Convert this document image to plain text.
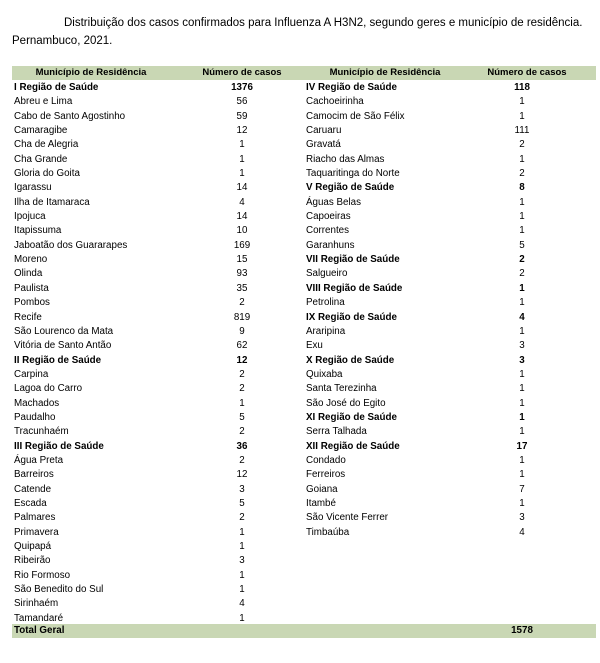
Distribuição dos casos confirmados para Influenza A H3N2, segundo geres e município de residência.
Pernambuco, 2021.
Município de Residência	Número de casos	Município de Residência	Número de casos
I Região de Saúde	1376
Abreu e Lima	56
Cabo de Santo Agostinho	59
Camaragibe	12
Cha de Alegria	1
Cha Grande	1
Gloria do Goita	1
Igarassu	14
Ilha de Itamaraca	4
Ipojuca	14
Itapissuma	10
Jaboatão dos Guararapes	169
Moreno	15
Olinda	93
Paulista	35
Pombos	2
Recife	819
São Lourenco da Mata	9
Vitória de Santo Antão	62
II Região de Saúde	12
Carpina	2
Lagoa do Carro	2
Machados	1
Paudalho	5
Tracunhaém	2
III Região de Saúde	36
Água Preta	2
Barreiros	12
Catende	3
Escada	5
Palmares	2
Primavera	1
Quipapá	1
Ribeirão	3
Rio Formoso	1
São Benedito do Sul	1
Sirinhaém	4
Tamandaré	1
IV Região de Saúde	118
Cachoeirinha	1
Camocim de São Félix	1
Caruaru	111
Gravatá	2
Riacho das Almas	1
Taquaritinga do Norte	2
V Região de Saúde	8
Águas Belas	1
Capoeiras	1
Correntes	1
Garanhuns	5
VII Região de Saúde	2
Salgueiro	2
VIII Região de Saúde	1
Petrolina	1
IX Região de Saúde	4
Araripina	1
Exu	3
X Região de Saúde	3
Quixaba	1
Santa Terezinha	1
São José do Egito	1
XI Região de Saúde	1
Serra Talhada	1
XII Região de Saúde	17
Condado	1
Ferreiros	1
Goiana	7
Itambé	1
São Vicente Ferrer	3
Timbaúba	4
Total Geral	1578
